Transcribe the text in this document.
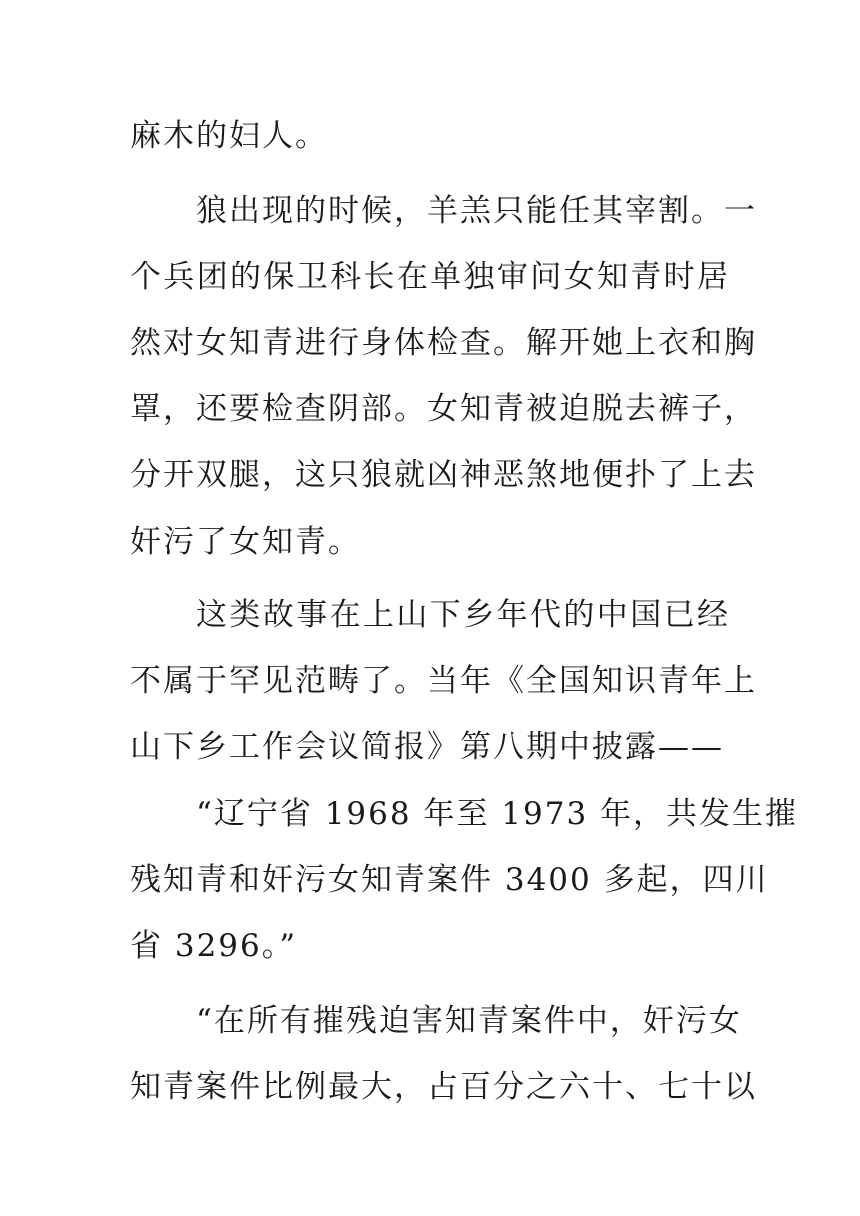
麻木的妇人。
狼出现的时候，羊羔只能任其宰割。一
个兵团的保卫科长在单独审问女知青时居
然对女知青进行身体检查。解开她上衣和胸
罩，还要检查阴部。女知青被迫脱去裤子，
分开双腿，这只狼就凶神恶煞地便扑了上去
奸污了女知青。
这类故事在上山下乡年代的中国已经
不属于罕见范畴了。当年《全国知识青年上
山下乡工作会议简报》第八期中披露——
“辽宁省 1968 年至 1973 年，共发生摧
残知青和奸污女知青案件 3400 多起，四川
省 3296。”
“在所有摧残迫害知青案件中，奸污女
知青案件比例最大，占百分之六十、七十以
